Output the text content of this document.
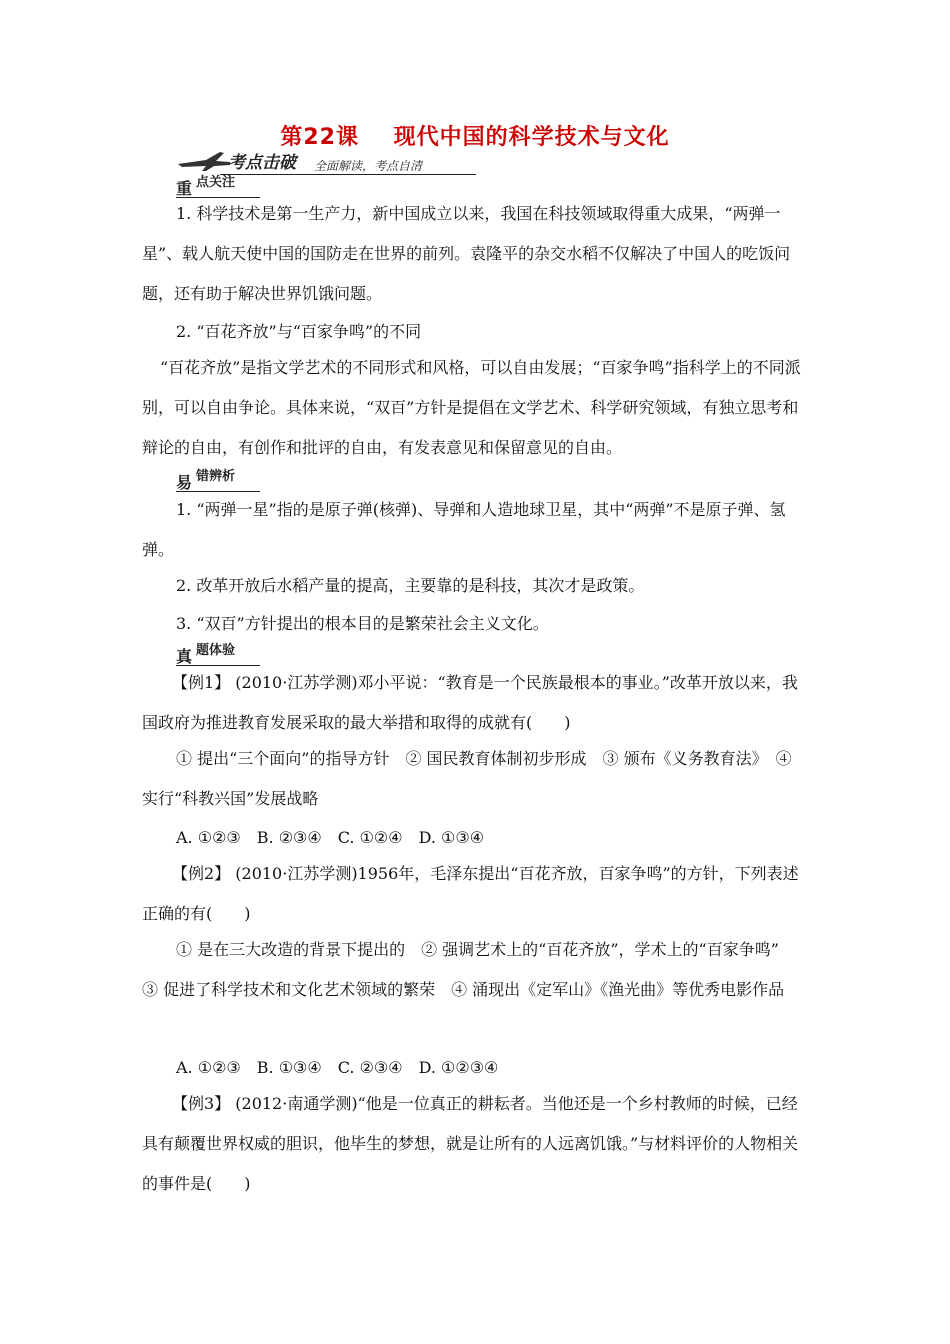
第22课    现代中国的科学技术与文化
考点击破 全面解读，考点自清
重 点关注

1. 科学技术是第一生产力，新中国成立以来，我国在科技领域取得重大成果，“两弹一星”、载人航天使中国的国防走在世界的前列。袁隆平的杂交水稻不仅解决了中国人的吃饭问题，还有助于解决世界饥饿问题。

2. “百花齐放”与“百家争鸣”的不同

“百花齐放”是指文学艺术的不同形式和风格，可以自由发展；“百家争鸣”指科学上的不同派别，可以自由争论。具体来说，“双百”方针是提倡在文学艺术、科学研究领域，有独立思考和辩论的自由，有创作和批评的自由，有发表意见和保留意见的自由。

易 错辨析

1. “两弹一星”指的是原子弹(核弹)、导弹和人造地球卫星，其中“两弹”不是原子弹、氢弹。

2. 改革开放后水稻产量的提高，主要靠的是科技，其次才是政策。

3. “双百”方针提出的根本目的是繁荣社会主义文化。

真 题体验

【例1】 (2010·江苏学测)邓小平说：“教育是一个民族最根本的事业。”改革开放以来，我国政府为推进教育发展采取的最大举措和取得的成就有(　　)

① 提出“三个面向”的指导方针　② 国民教育体制初步形成　③ 颁布《义务教育法》　④ 实行“科教兴国”发展战略

A. ①②③　B. ②③④　C. ①②④　D. ①③④

【例2】 (2010·江苏学测)1956年，毛泽东提出“百花齐放，百家争鸣”的方针，下列表述正确的有(　　)

① 是在三大改造的背景下提出的　② 强调艺术上的“百花齐放”，学术上的“百家争鸣”　③ 促进了科学技术和文化艺术领域的繁荣　④ 涌现出《定军山》《渔光曲》等优秀电影作品

A. ①②③　B. ①③④　C. ②③④　D. ①②③④

【例3】 (2012·南通学测)“他是一位真正的耕耘者。当他还是一个乡村教师的时候，已经具有颠覆世界权威的胆识，他毕生的梦想，就是让所有的人远离饥饿。”与材料评价的人物相关的事件是(　　)
